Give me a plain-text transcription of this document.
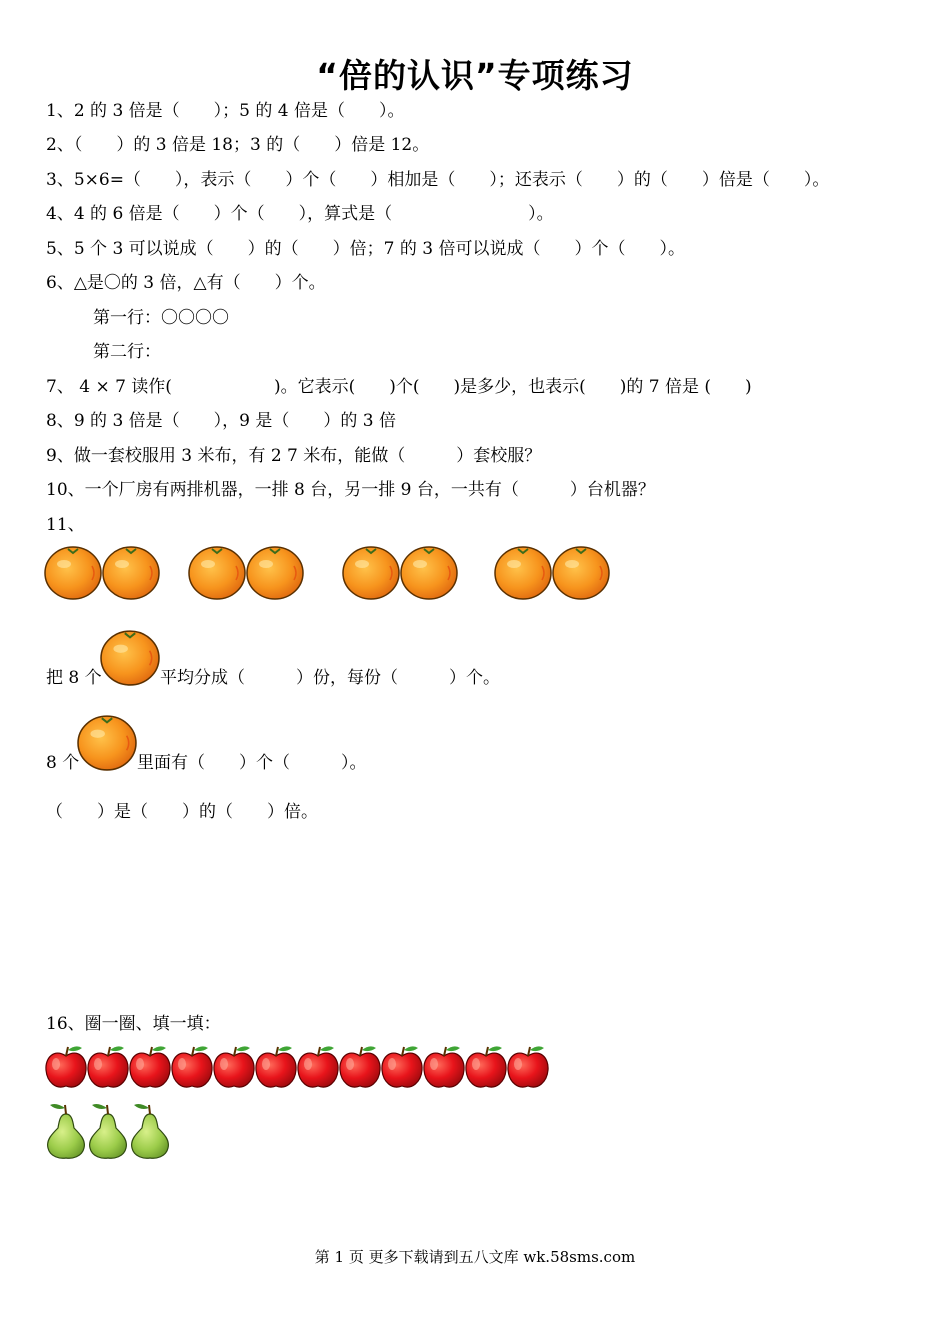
“倍的认识”专项练习
1、2 的 3 倍是（　　）；5 的 4 倍是（　　）。
2、（　　）的 3 倍是 18；3 的（　　）倍是 12。
3、5×6=（　　），表示（　　）个（　　）相加是（　　）；还表示（　　）的（　　）倍是（　　）。
4、4 的 6 倍是（　　）个（　　），算式是（　　　　　　　　）。
5、5 个 3 可以说成（　　）的（　　）倍；7 的 3 倍可以说成（　　）个（　　）。
6、△是〇的 3 倍，△有（　　）个。
第一行：〇〇〇〇
第二行：
7、 4 × 7 读作(　　　　　　)。它表示(　　)个(　　)是多少，也表示(　　)的 7 倍是 (　　)
8、9 的 3 倍是（　　），9 是（　　）的 3 倍
9、做一套校服用 3 米布，有 2 7 米布，能做（　　　）套校服？
10、一个厂房有两排机器，一排 8 台，另一排 9 台，一共有（　　　）台机器？
11、
把 8 个	平均分成（　　　）份，每份（　　　）个。
8 个	里面有（　　）个（　　　）。
（　　）是（　　）的（　　）倍。
16、圈一圈、填一填：
第 1 页 更多下载请到五八文库 wk.58sms.com
